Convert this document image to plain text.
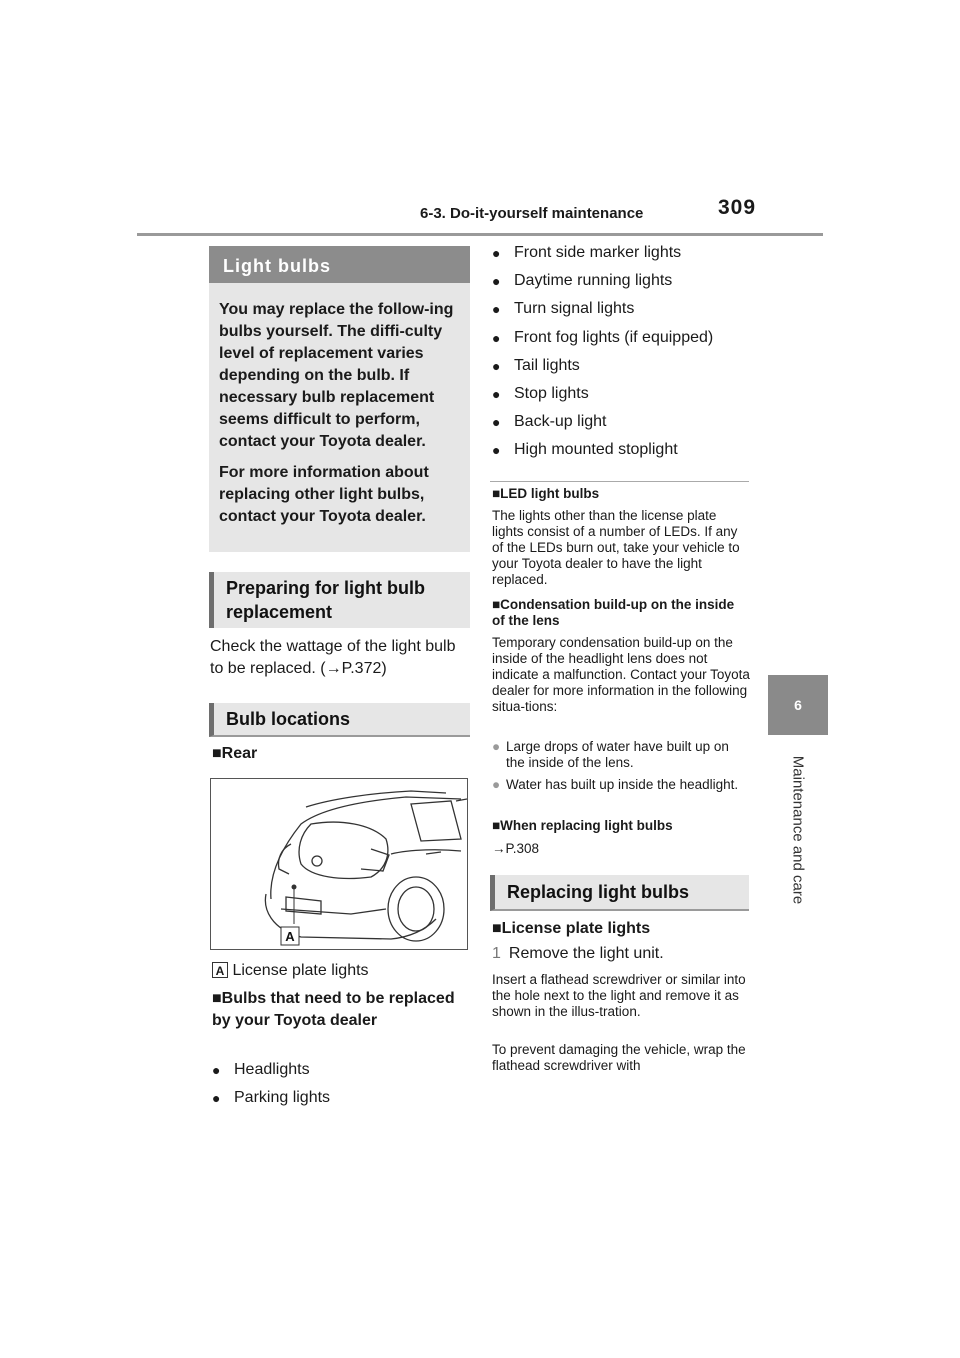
6-3. Do-it-yourself maintenance	309
6
Maintenance and care
Light bulbs

You may replace the follow-ing bulbs yourself. The diffi-culty level of replacement varies depending on the bulb. If necessary bulb replacement seems difficult to perform, contact your Toyota dealer.

For more information about replacing other light bulbs, contact your Toyota dealer.

Preparing for light bulb replacement
Check the wattage of the light bulb to be replaced. (→P.372)
Bulb locations
■Rear
A
A License plate lights
■Bulbs that need to be replaced by your Toyota dealer
● Headlights
● Parking lights
● Front side marker lights
● Daytime running lights
● Turn signal lights
● Front fog lights (if equipped)
● Tail lights
● Stop lights
● Back-up light
● High mounted stoplight
■LED light bulbs
The lights other than the license plate lights consist of a number of LEDs. If any of the LEDs burn out, take your vehicle to your Toyota dealer to have the light replaced.
■Condensation build-up on the inside of the lens
Temporary condensation build-up on the inside of the headlight lens does not indicate a malfunction. Contact your Toyota dealer for more information in the following situa-tions:
● Large drops of water have built up on the inside of the lens.
● Water has built up inside the headlight.
■When replacing light bulbs
→P.308
Replacing light bulbs
■License plate lights
1 Remove the light unit.
Insert a flathead screwdriver or similar into the hole next to the light and remove it as shown in the illus-tration.
To prevent damaging the vehicle, wrap the flathead screwdriver with
